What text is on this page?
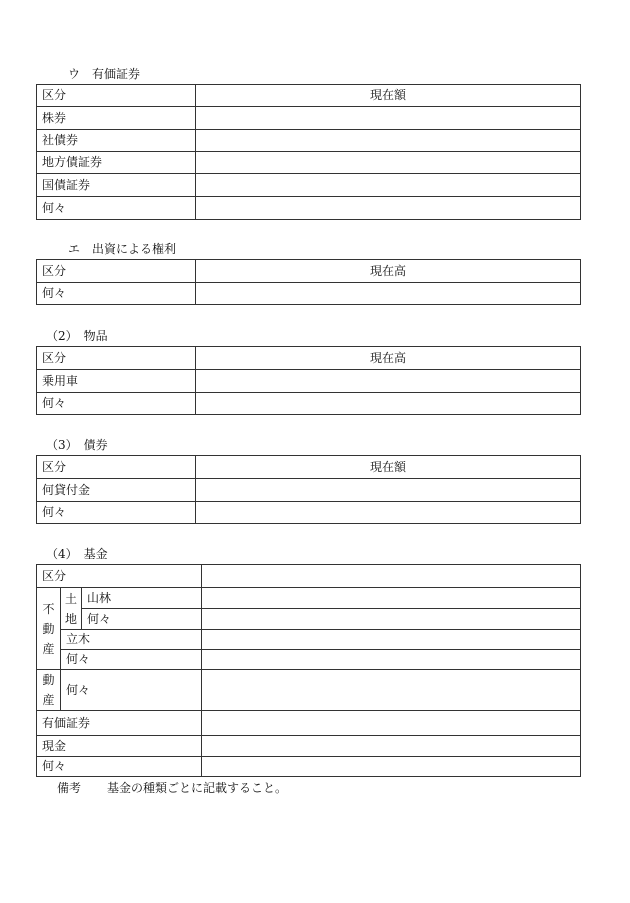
ウ　有価証券
区分	現在額
株券	
社債券	
地方債証券	
国債証券	
何々	
エ　出資による権利
区分	現在高
何々	
（2）　物品
区分	現在高
乗用車	
何々	
（3）　債券
区分	現在額
何貸付金	
何々	
（4）　基金
区分			
不動産	土地	山林	
		何々	
	立木		
	何々		
動産	何々		
有価証券			
現金			
何々			
備考 基金の種類ごとに記載すること。
